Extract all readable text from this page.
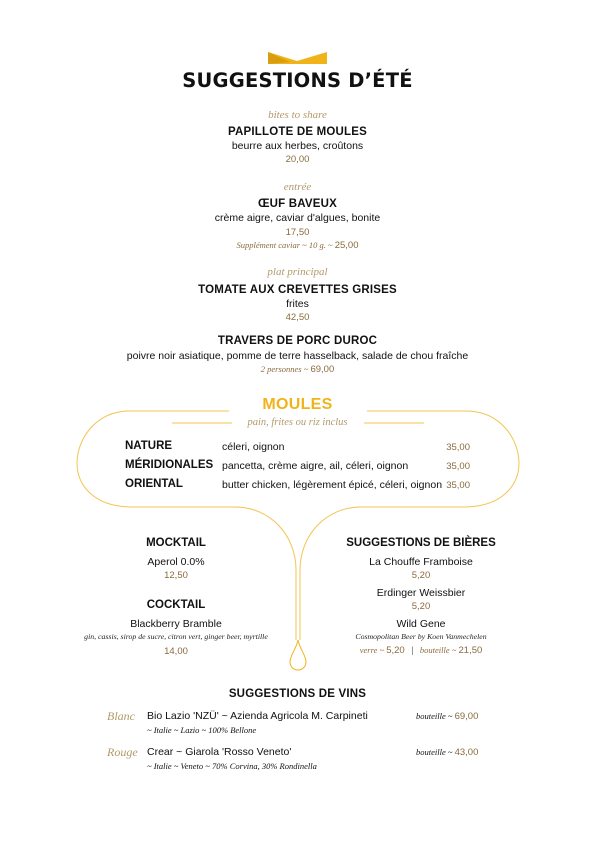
SUGGESTIONS D’ÉTÉ
bites to share
PAPILLOTE DE MOULES
beurre aux herbes, croûtons
20,00
entrée
ŒUF BAVEUX
crème aigre, caviar d'algues, bonite
17,50
Supplément caviar ~ 10 g. ~ 25,00
plat principal
TOMATE AUX CREVETTES GRISES
frites
42,50
TRAVERS DE PORC DUROC
poivre noir asiatique, pomme de terre hasselback, salade de chou fraîche
2 personnes ~ 69,00
MOULES
pain, frites ou riz inclus
NATURE	céleri, oignon	35,00
MÉRIDIONALES pancetta, crème aigre, ail, céleri, oignon	35,00
ORIENTAL	butter chicken, légèrement épicé, céleri, oignon 35,00
MOCKTAIL
Aperol 0.0%
12,50
COCKTAIL
Blackberry Bramble
gin, cassis, sirop de sucre, citron vert, ginger beer, myrtille
14,00
SUGGESTIONS DE BIÈRES
La Chouffe Framboise
5,20
Erdinger Weissbier
5,20
Wild Gene
Cosmopolitan Beer by Koen Vanmechelen
verre ~ 5,20 | bouteille ~ 21,50
SUGGESTIONS DE VINS
Blanc Bio Lazio 'NZÜ' ~ Azienda Agricola M. Carpineti
~ Italie ~ Lazio ~ 100% Bellone
bouteille ~ 69,00
Rouge Crear ~ Giarola 'Rosso Veneto'
~ Italie ~ Veneto ~ 70% Corvina, 30% Rondinella
bouteille ~ 43,00
